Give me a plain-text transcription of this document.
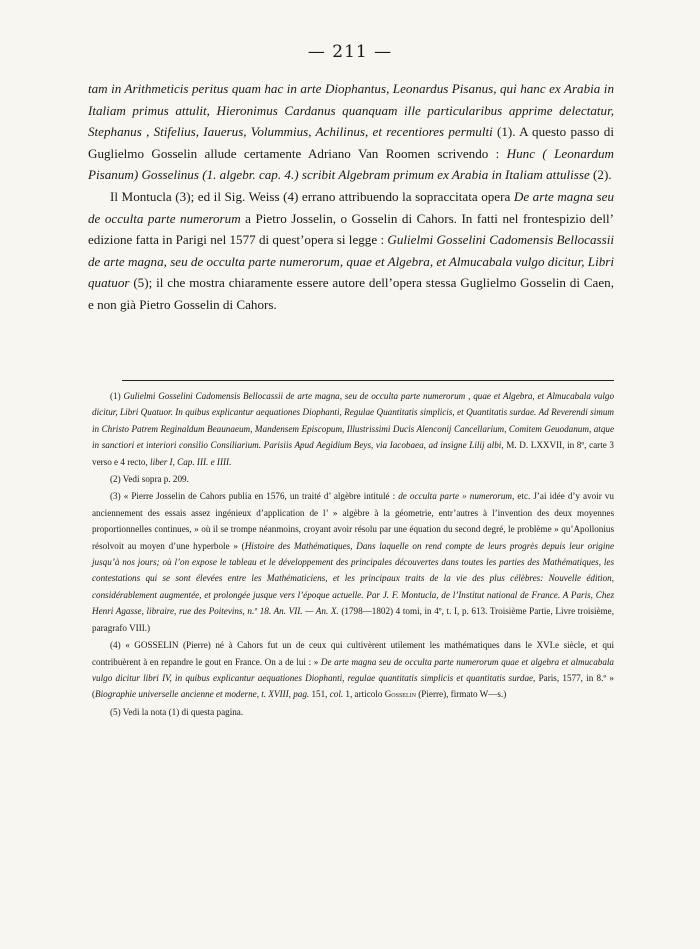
— 211 —

tam in Arithmeticis peritus quam hac in arte Diophantus, Leonardus Pisanus, qui hanc ex Arabia in Italiam primus attulit, Hieronimus Cardanus quanquam ille particularibus apprime delectatur, Stephanus , Stifelius, Iauerus, Volummius, Achilinus, et recentiores permulti (1). A questo passo di Guglielmo Gosselin allude certamente Adriano Van Roomen scrivendo : Hunc ( Leonardum Pisanum) Gosselinus (1. algebr. cap. 4.) scribit Algebram primum ex Arabia in Italiam attulisse (2).

Il Montucla (3); ed il Sig. Weiss (4) errano attribuendo la sopraccitata opera De arte magna seu de occulta parte numerorum a Pietro Josselin, o Gosselin di Cahors. In fatti nel frontespizio dell’ edizione fatta in Parigi nel 1577 di quest’opera si legge : Gulielmi Gosselini Cadomensis Bellocassii de arte magna, seu de occulta parte numerorum, quae et Algebra, et Almucabala vulgo dicitur, Libri quatuor (5); il che mostra chiaramente essere autore dell’opera stessa Guglielmo Gosselin di Caen, e non già Pietro Gosselin di Cahors.

(1) Gulielmi Gosselini Cadomensis Bellocassii de arte magna, seu de occulta parte numerorum , quae et Algebra, et Almucabala vulgo dicitur, Libri Quatuor. In quibus explicantur aequationes Diophanti, Regulae Quantitatis simplicis, et Quantitatis surdae. Ad Reverendi simum in Christo Patrem Reginaldum Beaunaeum, Mandensem Episcopum, Illustrissimi Ducis Alenconij Cancellarium, Comitem Geuodanum, atque in sanctiori et interiori consilio Consiliarium. Parisiis Apud Aegidium Beys, via Iacobaea, ad insigne Lilij albi, M. D. LXXVII, in 8º, carte 3 verso e 4 recto, liber I, Cap. III. e IIII.

(2) Vedi sopra p. 209.

(3) « Pierre Josselin de Cahors publia en 1576, un traité d’ algèbre intitulé : de occulta parte » numerorum, etc. J’ai idée d’y avoir vu anciennement des essais assez ingénieux d’application de l’ » algèbre à la géometrie, entr’autres à l’invention des deux moyennes proportionnelles continues, » où il se trompe néanmoins, croyant avoir résolu par une équation du second degré, le problème » qu’Apollonius résolvoit au moyen d’une hyperbole » (Histoire des Mathématiques, Dans laquelle on rend compte de leurs progrès depuis leur origine jusqu’à nos jours; où l’on expose le tableau et le développement des principales découvertes dans toutes les parties des Mathématiques, les contestations qui se sont élevées entre les Mathématiciens, et les principaux traits de la vie des plus célèbres: Nouvelle édition, considérablement augmentée, et prolongée jusque vers l’époque actuelle. Par J. F. Montucla, de l’Institut national de France. A Paris, Chez Henri Agasse, libraire, rue des Poitevins, n.º 18. An. VII. — An. X. (1798—1802) 4 tomi, in 4º, t. I, p. 613. Troisième Partie, Livre troisième, paragrafo VIII.)

(4) « GOSSELIN (Pierre) né à Cahors fut un de ceux qui cultivèrent utilement les mathématiques dans le XVI.e siècle, et qui contribuèrent à en repandre le gout en France. On a de lui : » De arte magna seu de occulta parte numerorum quae et algebra et almucabala vulgo dicitur libri IV, in quibus explicantur aequationes Diophanti, regulae quantitatis simplicis et quantitatis surdae, Paris, 1577, in 8.º » (Biographie universelle ancienne et moderne, t. XVIII, pag. 151, col. 1, articolo Gosselin (Pierre), firmato W—s.)

(5) Vedi la nota (1) di questa pagina.
